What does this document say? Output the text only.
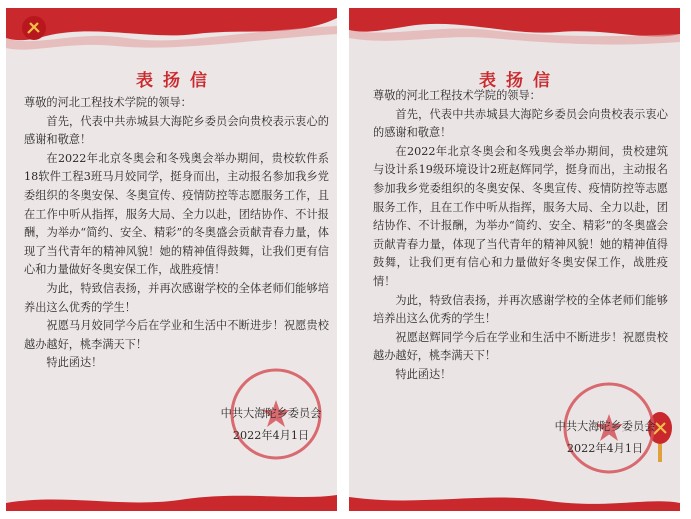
表扬信

尊敬的河北工程技术学院的领导：

首先，代表中共赤城县大海陀乡委员会向贵校表示衷心的感谢和敬意！

在2022年北京冬奥会和冬残奥会举办期间，贵校软件系18软件工程3班马月姣同学，挺身而出，主动报名参加我乡党委组织的冬奥安保、冬奥宣传、疫情防控等志愿服务工作，且在工作中听从指挥，服务大局、全力以赴，团结协作、不计报酬，为举办“简约、安全、精彩”的冬奥盛会贡献青春力量，体现了当代青年的精神风貌！她的精神值得鼓舞，让我们更有信心和力量做好冬奥安保工作，战胜疫情！

为此，特致信表扬，并再次感谢学校的全体老师们能够培养出这么优秀的学生！

祝愿马月姣同学今后在学业和生活中不断进步！祝愿贵校越办越好，桃李满天下！

特此函达！

中共大海陀乡委员会
2022年4月1日
表扬信

尊敬的河北工程技术学院的领导：

首先，代表中共赤城县大海陀乡委员会向贵校表示衷心的感谢和敬意！

在2022年北京冬奥会和冬残奥会举办期间，贵校建筑与设计系19级环境设计2班赵辉同学，挺身而出，主动报名参加我乡党委组织的冬奥安保、冬奥宣传、疫情防控等志愿服务工作，且在工作中听从指挥，服务大局、全力以赴，团结协作、不计报酬，为举办“简约、安全、精彩”的冬奥盛会贡献青春力量，体现了当代青年的精神风貌！她的精神值得鼓舞，让我们更有信心和力量做好冬奥安保工作，战胜疫情！

为此，特致信表扬，并再次感谢学校的全体老师们能够培养出这么优秀的学生！

祝愿赵辉同学今后在学业和生活中不断进步！祝愿贵校越办越好，桃李满天下！

特此函达！

中共大海陀乡委员会
2022年4月1日
